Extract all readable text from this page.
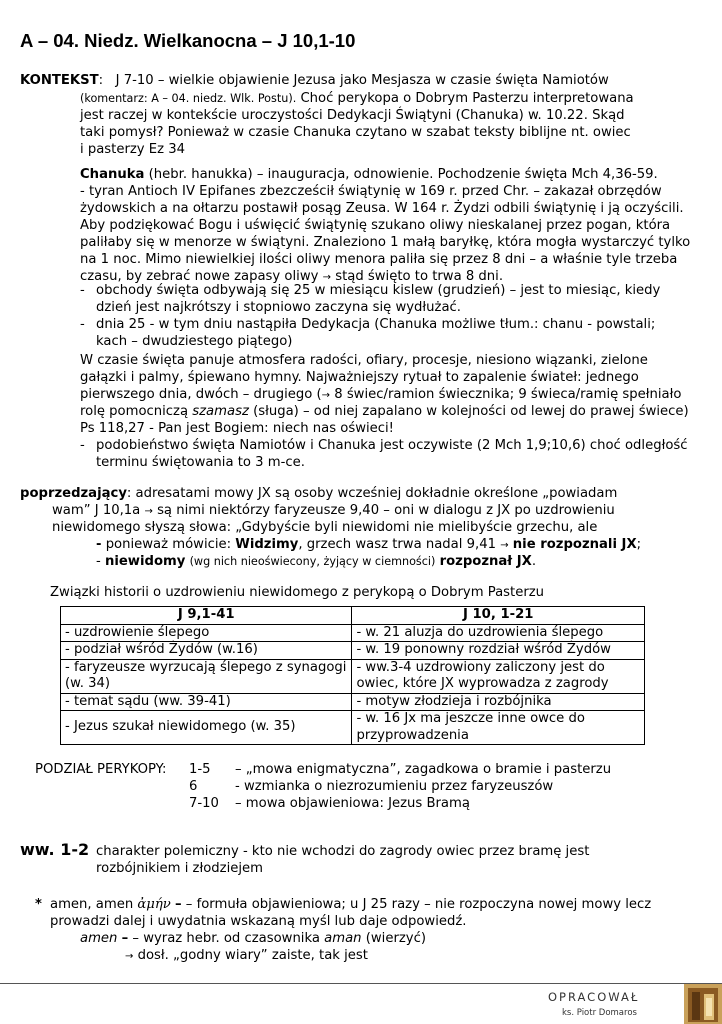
A – 04. Niedz. Wielkanocna – J 10,1-10
KONTEKST:   J 7-10 – wielkie objawienie Jezusa jako Mesjasza w czasie święta Namiotów
(komentarz: A – 04. niedz. Wlk. Postu). Choć perykopa o Dobrym Pasterzu interpretowana
jest raczej w kontekście uroczystości Dedykacji Świątyni (Chanuka) w. 10.22. Skąd
taki pomysł? Ponieważ w czasie Chanuka czytano w szabat teksty biblijne nt. owiec
i pasterzy Ez 34
Chanuka (hebr. hanukka) – inauguracja, odnowienie. Pochodzenie święta Mch 4,36-59.
- tyran Antioch IV Epifanes zbezcześcił świątynię w 169 r. przed Chr. – zakazał obrzędów
żydowskich a na ołtarzu postawił posąg Zeusa. W 164 r. Żydzi odbili świątynię i ją oczyścili.
Aby podziękować Bogu i uświęcić świątynię szukano oliwy nieskalanej przez pogan, która
paliłaby się w menorze w świątyni. Znaleziono 1 małą baryłkę, która mogła wystarczyć tylko
na 1 noc. Mimo niewielkiej ilości oliwy menora paliła się przez 8 dni – a właśnie tyle trzeba
czasu, by zebrać nowe zapasy oliwy → stąd święto to trwa 8 dni.
- obchody święta odbywają się 25 w miesiącu kislew (grudzień) – jest to miesiąc, kiedy
dzień jest najkrótszy i stopniowo zaczyna się wydłużać.
- dnia 25 - w tym dniu nastąpiła Dedykacja (Chanuka możliwe tłum.: chanu - powstali;
kach – dwudziestego piątego)
W czasie święta panuje atmosfera radości, ofiary, procesje, niesiono wiązanki, zielone
gałązki i palmy, śpiewano hymny. Najważniejszy rytuał to zapalenie świateł: jednego
pierwszego dnia, dwóch – drugiego (→ 8 świec/ramion świecznika; 9 świeca/ramię spełniało
rolę pomocniczą szamasz (sługa) – od niej zapalano w kolejności od lewej do prawej świece)
Ps 118,27 - Pan jest Bogiem: niech nas oświeci!
- podobieństwo święta Namiotów i Chanuka jest oczywiste (2 Mch 1,9;10,6) choć odległość
terminu świętowania to 3 m-ce.
poprzedzający: adresatami mowy JX są osoby wcześniej dokładnie określone „powiadam
wam” J 10,1a → są nimi niektórzy faryzeusze 9,40 – oni w dialogu z JX po uzdrowieniu
niewidomego słyszą słowa: „Gdybyście byli niewidomi nie mielibyście grzechu, ale
- ponieważ mówicie: Widzimy, grzech wasz trwa nadal 9,41 → nie rozpoznali JX;
- niewidomy (wg nich nieoświecony, żyjący w ciemności) rozpoznał JX.
Związki historii o uzdrowieniu niewidomego z perykopą o Dobrym Pasterzu
J 9,1-41	J 10, 1-21
- uzdrowienie ślepego	- w. 21 aluzja do uzdrowienia ślepego
- podział wśród Żydów (w.16)	- w. 19 ponowny rozdział wśród Żydów
- faryzeusze wyrzucają ślepego z synagogi (w. 34)	- ww.3-4 uzdrowiony zaliczony jest do owiec, które JX wyprowadza z zagrody
- temat sądu (ww. 39-41)	- motyw złodzieja i rozbójnika
- Jezus szukał niewidomego (w. 35)	- w. 16 Jx ma jeszcze inne owce do przyprowadzenia
PODZIAŁ PERYKOPY: 1-5 – „mowa enigmatyczna”, zagadkowa o bramie i pasterzu
6	- wzmianka o niezrozumieniu przez faryzeuszów
7-10 – mowa objawieniowa: Jezus Bramą
ww. 1-2 charakter polemiczny - kto nie wchodzi do zagrody owiec przez bramę jest
rozbójnikiem i złodziejem
* amen, amen ἀμήν – – formuła objawieniowa; u J 25 razy – nie rozpoczyna nowej mowy lecz
prowadzi dalej i uwydatnia wskazaną myśl lub daje odpowiedź.
amen – – wyraz hebr. od czasownika aman (wierzyć)
→ dosł. „godny wiary” zaiste, tak jest
OPRACOWAŁ
ks. Piotr Domaros
